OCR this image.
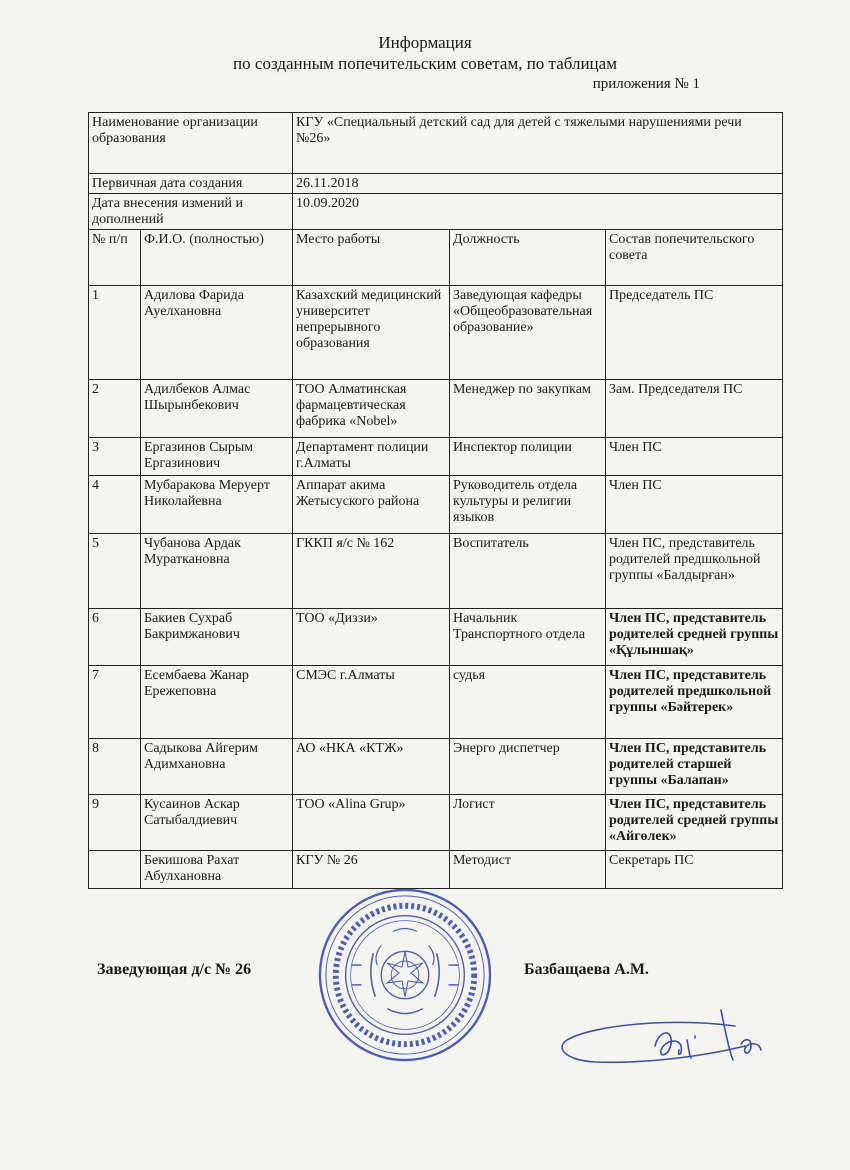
Информация
по созданным попечительским советам, по таблицам
приложения № 1
Наименование организации образования		КГУ «Специальный детский сад для детей с тяжелыми нарушениями речи №26»		
Первичная дата создания		26.11.2018		
Дата внесения измений и дополнений		10.09.2020		
№ п/п	Ф.И.О. (полностью)	Место работы	Должность	Состав попечительского совета
1	Адилова Фарида Ауелхановна	Казахский медицинский университет непрерывного образования	Заведующая кафедры «Общеобразовательная образование»	Председатель ПС
2	Адилбеков Алмас Шырынбекович	ТОО Алматинская фармацевтическая фабрика «Nobel»	Менеджер по закупкам	Зам. Председателя ПС
3	Ергазинов Сырым Ергазинович	Департамент полиции г.Алматы	Инспектор полиции	Член ПС
4	Мубаракова Меруерт Николайевна	Аппарат акима Жетысуского района	Руководитель отдела культуры и религии языков	Член ПС
5	Чубанова Ардак Муратк​ановна	ГККП я/с № 162	Воспитатель	Член ПС, представитель родителей предшкольной группы «Балдырған»
6	Бакиев Сухраб Бакримжанович	ТОО «Диззи»	Начальник Транспортного отдела	Член ПС, представитель родителей средней группы «Құлыншақ»
7	Есембаева Жанар Ережеповна	СМЭС г.Алматы	судья	Член ПС, представитель родителей предшкольной группы «Бәйтерек»
8	Садыкова Айгерим Адимхановна	АО «НКА «КТЖ»	Энерго диспетчер	Член ПС, представитель родителей старшей группы «Балапан»
9	Кусаинов Аскар Сатыбалдиевич	ТОО «Alina Grup»	Логист	Член ПС, представитель родителей средней группы «Айгөлек»
	Бекишова Рахат Абулхановна	КГУ № 26	Методист	Секретарь ПС
Заведующая д/с № 26	Базбащаева А.М.
